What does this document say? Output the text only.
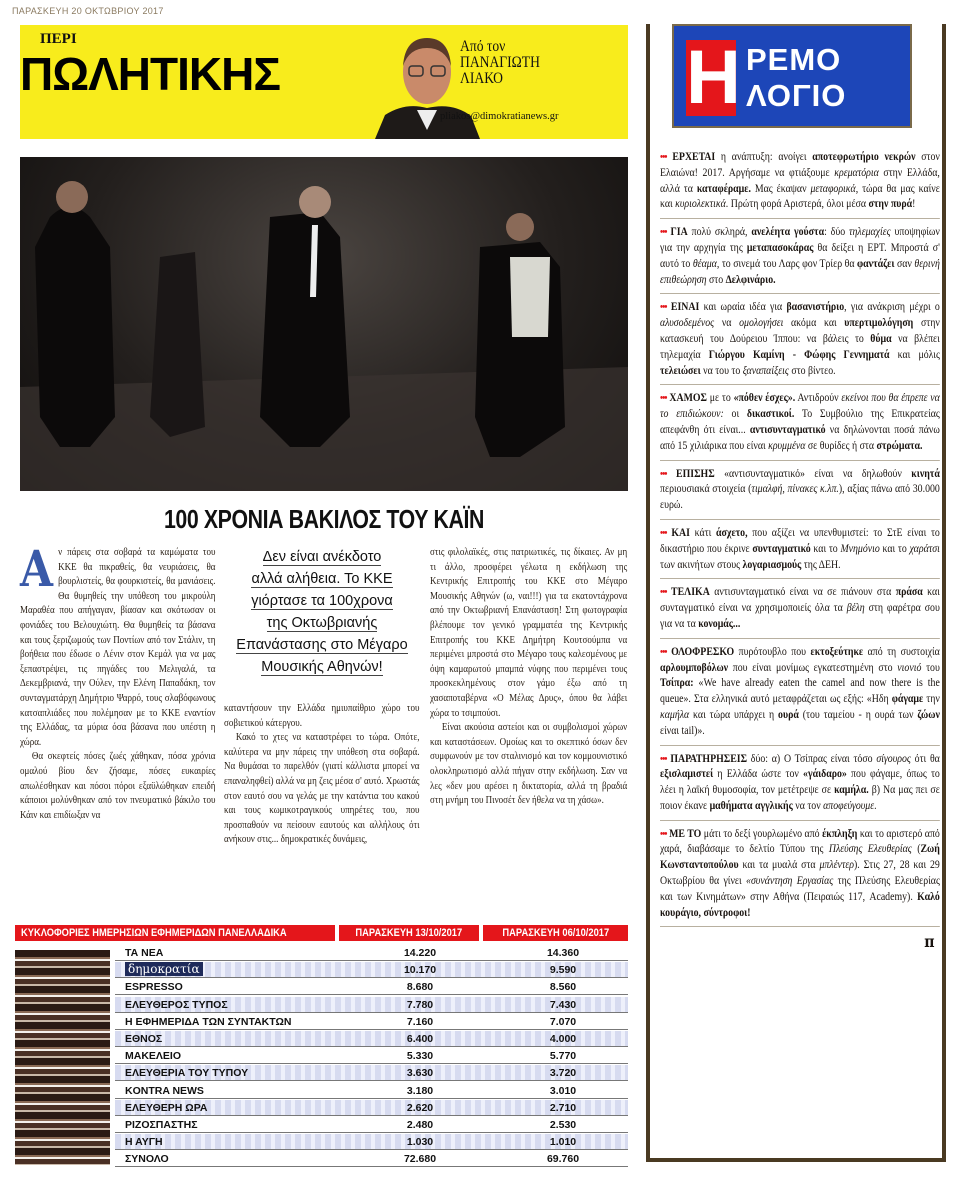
ΠΑΡΑΣΚΕΥΗ 20 ΟΚΤΩΒΡΙΟΥ 2017
ΠΕΡΙ
ΠΩΛΗΤΙΚΗΣ
Από τον
ΠΑΝΑΓΙΩΤΗ
ΛΙΑΚΟ
pliakos@dimokratianews.gr
100 ΧΡΟΝΙΑ ΒΑΚΙΛΟΣ ΤΟΥ ΚΑΪΝ

Αν πάρεις στα σοβαρά τα καμώματα του ΚΚΕ θα πικραθείς, θα νευριάσεις, θα βουρλιστείς, θα φουρκιστείς, θα μανιάσεις. Θα θυμηθείς την υπόθεση του μικρούλη Μαραθέα που απήγαγαν, βίασαν και σκότωσαν οι φονιάδες του Βελουχιώτη. Θα θυμηθείς τα βάσανα και τους ξεριζωμούς των Ποντίων από τον Στάλιν, τη βοήθεια που έδωσε ο Λένιν στον Κεμάλ για να μας ξεπαστρέψει, τις πηγάδες του Μελιγαλά, τα Δεκεμβριανά, την Ούλεν, την Ελένη Παπαδάκη, τον συνταγματάρχη Δημήτριο Ψαρρό, τους σλαβόφωνους κατσαπλιάδες που πολέμησαν με το ΚΚΕ εναντίον της Ελλάδας, τα μύρια όσα βάσανα που υπέστη η χώρα.

Θα σκεφτείς πόσες ζωές χάθηκαν, πόσα χρόνια ομαλού βίου δεν ζήσαμε, πόσες ευκαιρίες απωλέσθηκαν και πόσοι πόροι εξαϋλώθηκαν επειδή κάποιοι μολύνθηκαν από τον πνευματικό βάκιλο του Κάιν και επιδίωξαν να

Δεν είναι ανέκδοτο
αλλά αλήθεια. Το ΚΚΕ
γιόρτασε τα 100χρονα
της Οκτωβριανής
Επανάστασης στο Μέγαρο
Μουσικής Αθηνών!

καταντήσουν την Ελλάδα ημιυπαίθριο χώρο του σοβιετικού κάτεργου.

Κακό το χτες να καταστρέφει το τώρα. Οπότε, καλύτερα να μην πάρεις την υπόθεση στα σοβαρά. Να θυμάσαι το παρελθόν (γιατί κάλλιστα μπορεί να επαναληφθεί) αλλά να μη ζεις μέσα σ' αυτό. Χρωστάς στον εαυτό σου να γελάς με την κατάντια του κακού και τους κωμικοτραγικούς υπηρέτες του, που προσπαθούν να πείσουν εαυτούς και αλλήλους ότι ανήκουν στις... δημοκρατικές δυνάμεις,

στις φιλολαϊκές, στις πατριωτικές, τις δίκαιες. Αν μη τι άλλο, προσφέρει γέλωτα η εκδήλωση της Κεντρικής Επιτροπής του ΚΚΕ στο Μέγαρο Μουσικής Αθηνών (ω, ναι!!!) για τα εκατοντάχρονα από την Οκτωβριανή Επανάσταση! Στη φωτογραφία βλέπουμε τον γενικό γραμματέα της Κεντρικής Επιτροπής του ΚΚΕ Δημήτρη Κουτσούμπα να περιμένει μπροστά στο Μέγαρο τους καλεσμένους με όψη καμαρωτού μπαμπά νύφης που περιμένει τους προσκεκλημένους στον γάμο έξω από τη χασαποταβέρνα «Ο Μέλας Δρυς», όπου θα λάβει χώρα το τσιμπούσι.

Είναι ακούσια αστείοι και οι συμβολισμοί χώρων και καταστάσεων. Ομοίως και το σκεπτικό όσων δεν συμφωνούν με τον σταλινισμό και τον κομμουνιστικό ολοκληρωτισμό αλλά πήγαν στην εκδήλωση. Σαν να λες «δεν μου αρέσει η δικτατορία, αλλά τη βραδιά στη μνήμη του Πινοσέτ δεν ήθελα να τη χάσω».

ΚΥΚΛΟΦΟΡΙΕΣ ΗΜΕΡΗΣΙΩΝ ΕΦΗΜΕΡΙΔΩΝ ΠΑΝΕΛΛΑΔΙΚΑ	ΠΑΡΑΣΚΕΥΗ 13/10/2017	ΠΑΡΑΣΚΕΥΗ 06/10/2017
ΤΑ ΝΕΑ	14.220	14.360
δημοκρατία	10.170	9.590
ESPRESSO	8.680	8.560
ΕΛΕΥΘΕΡΟΣ ΤΥΠΟΣ	7.780	7.430
Η ΕΦΗΜΕΡΙΔΑ ΤΩΝ ΣΥΝΤΑΚΤΩΝ	7.160	7.070
ΕΘΝΟΣ	6.400	4.000
ΜΑΚΕΛΕΙΟ	5.330	5.770
ΕΛΕΥΘΕΡΙΑ ΤΟΥ ΤΥΠΟΥ	3.630	3.720
KONTRA NEWS	3.180	3.010
ΕΛΕΥΘΕΡΗ ΩΡΑ	2.620	2.710
ΡΙΖΟΣΠΑΣΤΗΣ	2.480	2.530
Η ΑΥΓΗ	1.030	1.010
ΣΥΝΟΛΟ	72.680	69.760
Η ΡΕΜΟ
ΛΟΓΙΟ
••• ΕΡΧΕΤΑΙ η ανάπτυξη: ανοίγει αποτεφρωτήριο νεκρών στον Ελαιώνα! 2017. Αργήσαμε να φτιάξουμε κρεματόρια στην Ελλάδα, αλλά τα καταφέραμε. Μας έκαψαν μεταφορικά, τώρα θα μας καίνε και κυριολεκτικά. Πρώτη φορά Αριστερά, όλοι μέσα στην πυρά!
••• ΓΙΑ πολύ σκληρά, ανελέητα γούστα: δύο τηλεμαχίες υποψηφίων για την αρχηγία της μεταπασοκάρας θα δείξει η ΕΡΤ. Μπροστά σ' αυτό το θέαμα, το σινεμά του Λαρς φον Τρίερ θα φαντάζει σαν θερινή επιθεώρηση στο Δελφινάριο.
••• ΕΙΝΑΙ και ωραία ιδέα για βασανιστήριο, για ανάκριση μέχρι ο αλυσοδεμένος να ομολογήσει ακόμα και υπερτιμολόγηση στην κατασκευή του Δούρειου Ίππου: να βάλεις το θύμα να βλέπει τηλεμαχία Γιώργου Καμίνη - Φώφης Γεννηματά και μόλις τελειώσει να του το ξαναπαίξεις στο βίντεο.
••• ΧΑΜΟΣ με το «πόθεν έσχες». Αντιδρούν εκείνοι που θα έπρεπε να το επιδιώκουν: οι δικαστικοί. Το Συμβούλιο της Επικρατείας απεφάνθη ότι είναι... αντισυνταγματικό να δηλώνονται ποσά πάνω από 15 χιλιάρικα που είναι κρυμμένα σε θυρίδες ή στα στρώματα.
••• ΕΠΙΣΗΣ «αντισυνταγματικό» είναι να δηλωθούν κινητά περιουσιακά στοιχεία (τιμαλφή, πίνακες κ.λπ.), αξίας πάνω από 30.000 ευρώ.
••• ΚΑΙ κάτι άσχετο, που αξίζει να υπενθυμιστεί: το ΣτΕ είναι το δικαστήριο που έκρινε συνταγματικό και το Μνημόνιο και το χαράτσι των ακινήτων στους λογαριασμούς της ΔΕΗ.
••• ΤΕΛΙΚΑ αντισυνταγματικό είναι να σε πιάνουν στα πράσα και συνταγματικό είναι να χρησιμοποιείς όλα τα βέλη στη φαρέτρα σου για να τα κονομάς...
••• ΟΛΟΦΡΕΣΚΟ πυρότουβλο που εκτοξεύτηκε από τη συστοιχία αρλουμποβόλων που είναι μονίμως εγκατεστημένη στο νιονιό του Τσίπρα: «We have already eaten the camel and now there is the queue». Στα ελληνικά αυτό μεταφράζεται ως εξής: «Ηδη φάγαμε την καμήλα και τώρα υπάρχει η ουρά (του ταμείου - η ουρά των ζώων είναι tail)».
••• ΠΑΡΑΤΗΡΗΣΕΙΣ δύο: α) Ο Τσίπρας είναι τόσο σίγουρος ότι θα εξισλαμιστεί η Ελλάδα ώστε τον «γάιδαρο» που φάγαμε, όπως το λέει η λαϊκή θυμοσοφία, τον μετέτρεψε σε καμήλα. β) Να μας πει σε ποιον έκανε μαθήματα αγγλικής να τον αποφεύγουμε.
••• ΜΕ ΤΟ μάτι το δεξί γουρλωμένο από έκπληξη και το αριστερό από χαρά, διαβάσαμε το δελτίο Τύπου της Πλεύσης Ελευθερίας (Ζωή Κωνσταντοπούλου και τα μυαλά στα μπλέντερ). Στις 27, 28 και 29 Οκτωβρίου θα γίνει «συνάντηση Εργασίας της Πλεύσης Ελευθερίας και των Κινημάτων» στην Αθήνα (Πειραιώς 117, Academy). Καλό κουράγιο, σύντροφοι!
π
